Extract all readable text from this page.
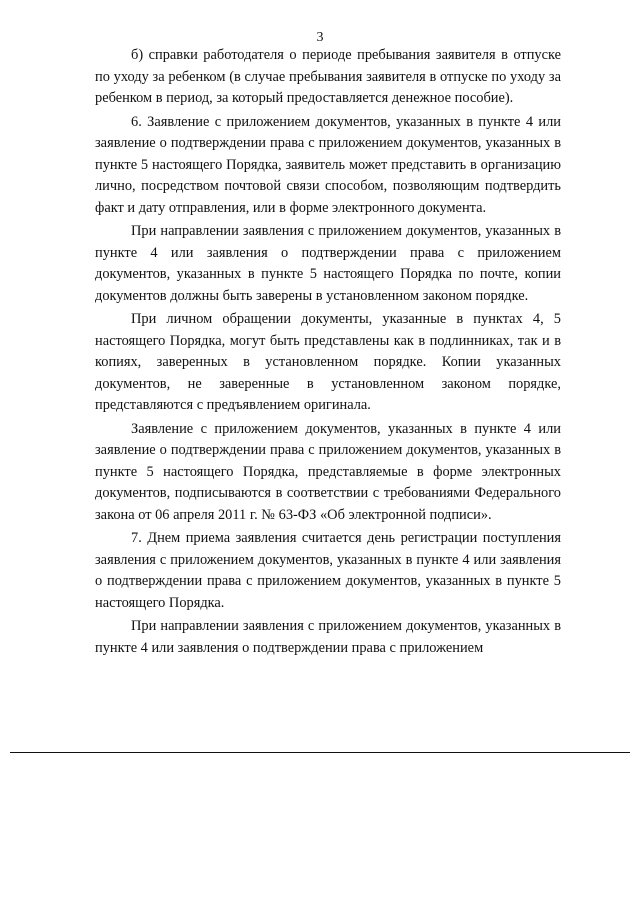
3

б) справки работодателя о периоде пребывания заявителя в отпуске по уходу за ребенком (в случае пребывания заявителя в отпуске по уходу за ребенком в период, за который предоставляется денежное пособие).

6. Заявление с приложением документов, указанных в пункте 4 или заявление о подтверждении права с приложением документов, указанных в пункте 5 настоящего Порядка, заявитель может представить в организацию лично, посредством почтовой связи способом, позволяющим подтвердить факт и дату отправления, или в форме электронного документа.

При направлении заявления с приложением документов, указанных в пункте 4 или заявления о подтверждении права с приложением документов, указанных в пункте 5 настоящего Порядка по почте, копии документов должны быть заверены в установленном законом порядке.

При личном обращении документы, указанные в пунктах 4, 5 настоящего Порядка, могут быть представлены как в подлинниках, так и в копиях, заверенных в установленном порядке. Копии указанных документов, не заверенные в установленном законом порядке, представляются с предъявлением оригинала.

Заявление с приложением документов, указанных в пункте 4 или заявление о подтверждении права с приложением документов, указанных в пункте 5 настоящего Порядка, представляемые в форме электронных документов, подписываются в соответствии с требованиями Федерального закона от 06 апреля 2011 г. № 63-ФЗ «Об электронной подписи».

7. Днем приема заявления считается день регистрации поступления заявления с приложением документов, указанных в пункте 4 или заявления о подтверждении права с приложением документов, указанных в пункте 5 настоящего Порядка.

При направлении заявления с приложением документов, указанных в пункте 4 или заявления о подтверждении права с приложением
